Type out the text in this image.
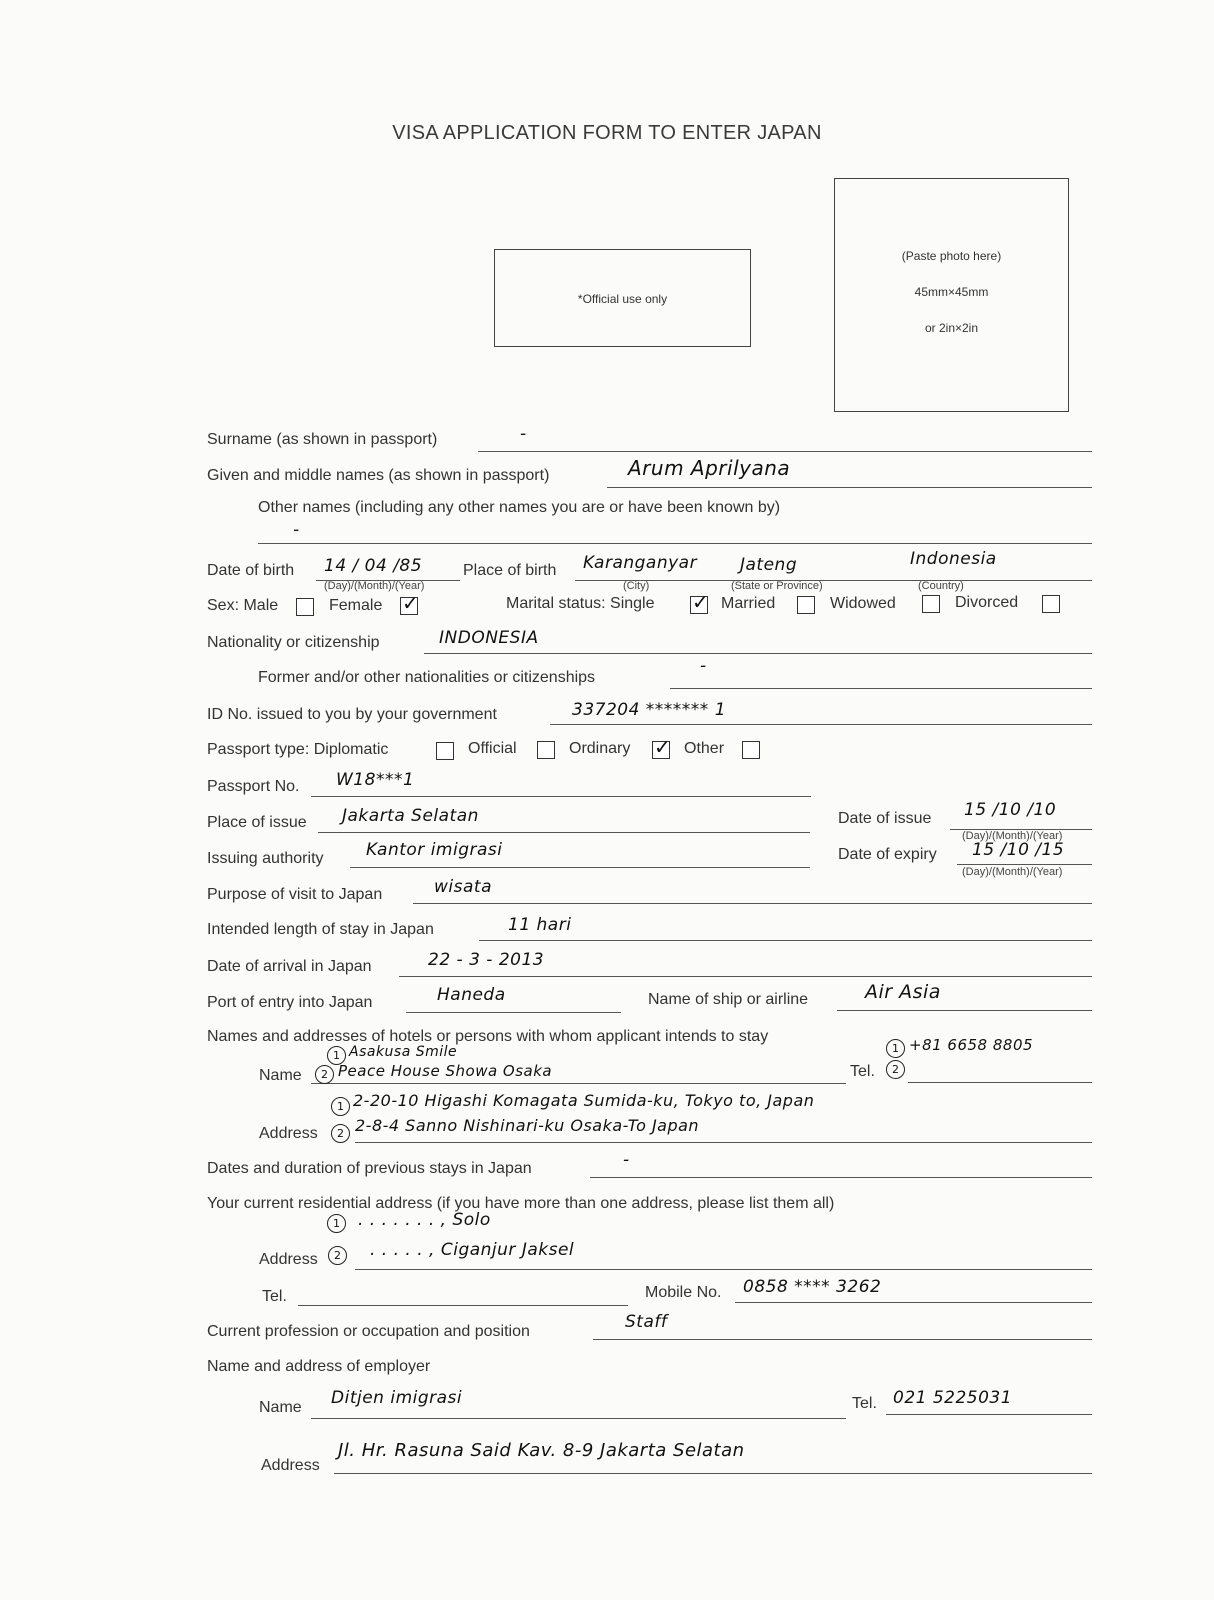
VISA APPLICATION FORM TO ENTER JAPAN
*Official use only
(Paste photo here)
45mm×45mm
or 2in×2in
Surname (as shown in passport)	-
Given and middle names (as shown in passport)	Arum Aprilyana
Other names (including any other names you are or have been known by)
-
Date of birth 14 / 04 /85
(Day)/(Month)/(Year)
Place of birth Karanganyar	Jateng	Indonesia
(City)	(State or Province)	(Country)
Sex: Male	Female ✓	Marital status: Single ✓ Married	Widowed	Divorced
Nationality or citizenship	INDONESIA
Former and/or other nationalities or citizenships
-
ID No. issued to you by your government	337204 ******* 1
Passport type: Diplomatic	Official	Ordinary ✓ Other
Passport No. W18***1
Place of issue Jakarta Selatan	Date of issue 15 /10 /10
(Day)/(Month)/(Year)
Issuing authority Kantor imigrasi	Date of expiry 15 /10 /15
(Day)/(Month)/(Year)
Purpose of visit to Japan	wisata
Intended length of stay in Japan	11 hari
Date of arrival in Japan	22 - 3 - 2013
Port of entry into Japan	Haneda	Name of ship or airline	Air Asia
Names and addresses of hotels or persons with whom applicant intends to stay
1 Asakusa Smile
Name	2 Peace House Showa Osaka
1 +81 6658 8805
Tel.	2
1 2-20-10 Higashi Komagata Sumida-ku, Tokyo to, Japan
Address	2 2-8-4 Sanno Nishinari-ku Osaka-To Japan
Dates and duration of previous stays in Japan	-
Your current residential address (if you have more than one address, please list them all)
1	. . . . . . . , Solo
Address	2	. . . . . , Ciganjur Jaksel
Tel.	Mobile No. 0858 **** 3262
Current profession or occupation and position	Staff
Name and address of employer
Name Ditjen imigrasi	Tel. 021 5225031
Address
Jl. Hr. Rasuna Said Kav. 8-9 Jakarta Selatan
